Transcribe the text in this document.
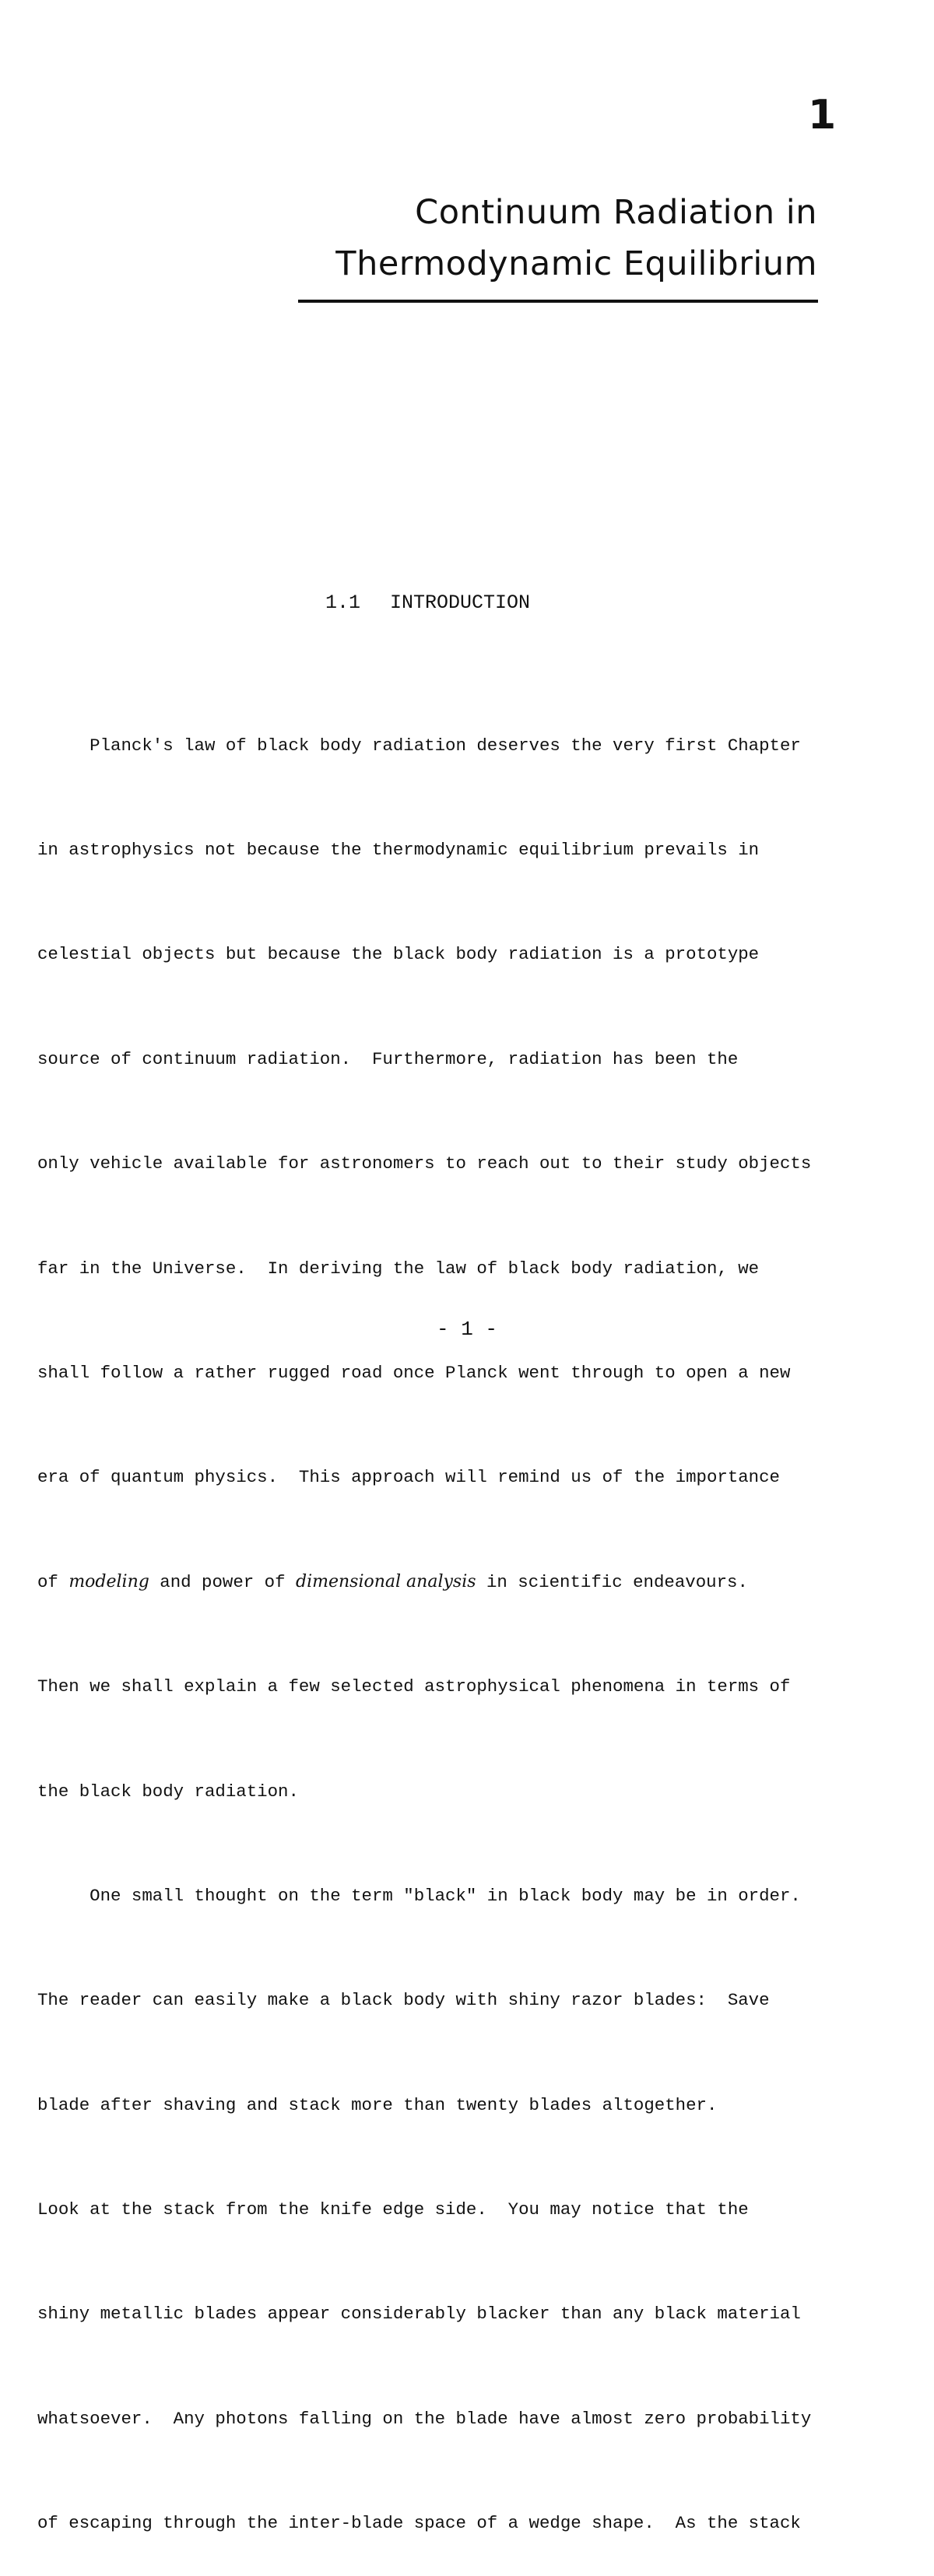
1
Continuum Radiation in
Thermodynamic Equilibrium
1.1 INTRODUCTION

Planck's law of black body radiation deserves the very first Chapter

in astrophysics not because the thermodynamic equilibrium prevails in

celestial objects but because the black body radiation is a prototype

source of continuum radiation.  Furthermore, radiation has been the

only vehicle available for astronomers to reach out to their study objects

far in the Universe.  In deriving the law of black body radiation, we

shall follow a rather rugged road once Planck went through to open a new

era of quantum physics.  This approach will remind us of the importance

of modeling and power of dimensional analysis in scientific endeavours.

Then we shall explain a few selected astrophysical phenomena in terms of

the black body radiation.

One small thought on the term "black" in black body may be in order.

The reader can easily make a black body with shiny razor blades:  Save

blade after shaving and stack more than twenty blades altogether.

Look at the stack from the knife edge side.  You may notice that the

shiny metallic blades appear considerably blacker than any black material

whatsoever.  Any photons falling on the blade have almost zero probability

of escaping through the inter-blade space of a wedge shape.  As the stack

- 1 -
